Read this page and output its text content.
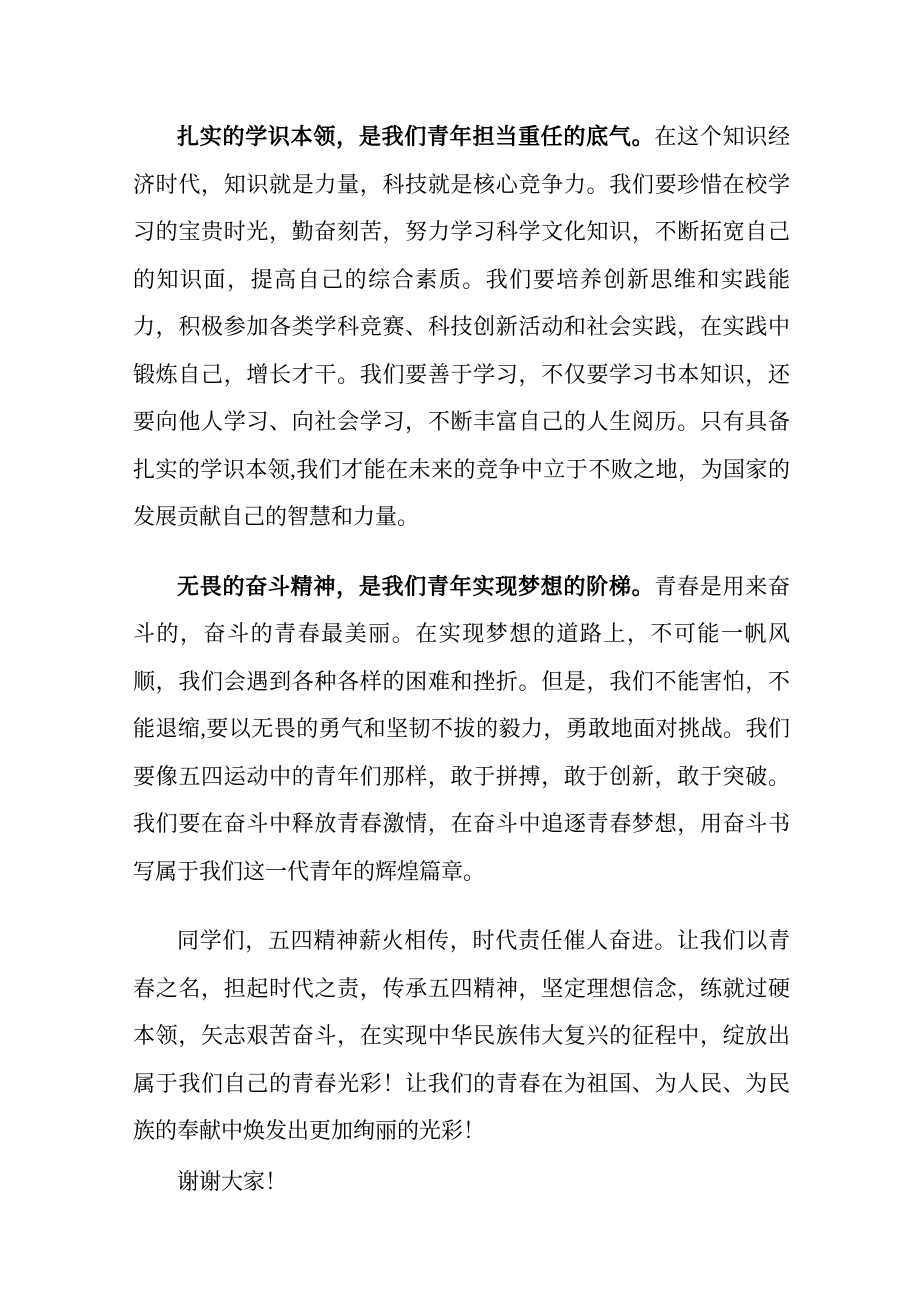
扎实的学识本领，是我们青年担当重任的底气。在这个知识经济时代，知识就是力量，科技就是核心竞争力。我们要珍惜在校学习的宝贵时光，勤奋刻苦，努力学习科学文化知识，不断拓宽自己的知识面，提高自己的综合素质。我们要培养创新思维和实践能力，积极参加各类学科竞赛、科技创新活动和社会实践，在实践中锻炼自己，增长才干。我们要善于学习，不仅要学习书本知识，还要向他人学习、向社会学习，不断丰富自己的人生阅历。只有具备扎实的学识本领,我们才能在未来的竞争中立于不败之地，为国家的发展贡献自己的智慧和力量。

无畏的奋斗精神，是我们青年实现梦想的阶梯。青春是用来奋斗的，奋斗的青春最美丽。在实现梦想的道路上，不可能一帆风顺，我们会遇到各种各样的困难和挫折。但是，我们不能害怕，不能退缩,要以无畏的勇气和坚韧不拔的毅力，勇敢地面对挑战。我们要像五四运动中的青年们那样，敢于拼搏，敢于创新，敢于突破。我们要在奋斗中释放青春激情，在奋斗中追逐青春梦想，用奋斗书写属于我们这一代青年的辉煌篇章。

同学们，五四精神薪火相传，时代责任催人奋进。让我们以青春之名，担起时代之责，传承五四精神，坚定理想信念，练就过硬本领，矢志艰苦奋斗，在实现中华民族伟大复兴的征程中，绽放出属于我们自己的青春光彩！让我们的青春在为祖国、为人民、为民族的奉献中焕发出更加绚丽的光彩！

谢谢大家！
